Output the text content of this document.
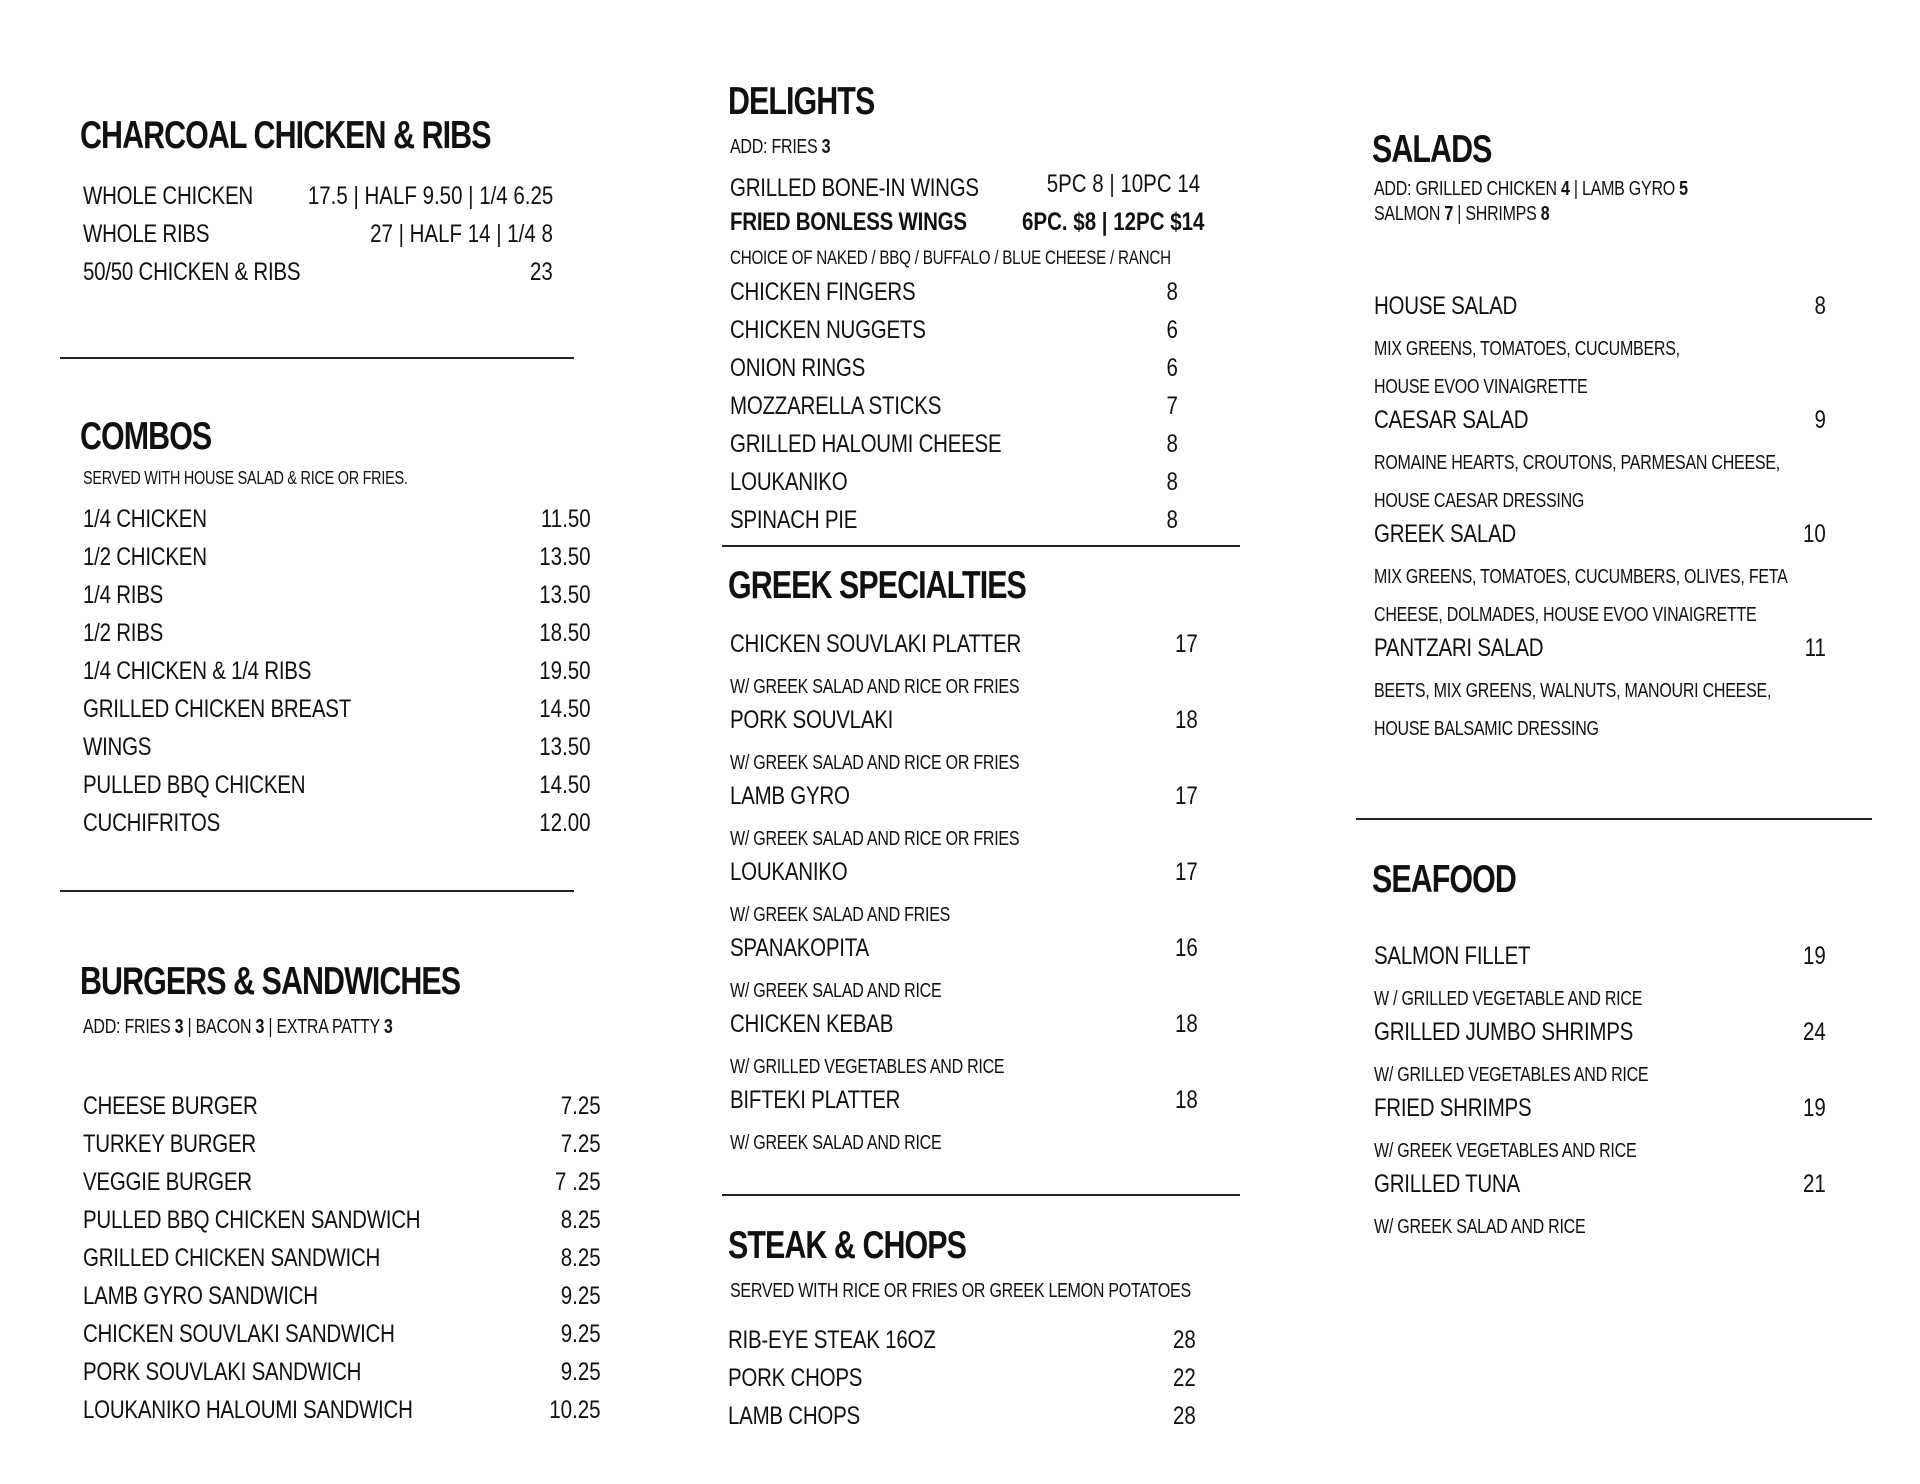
CHARCOAL CHICKEN & RIBS
WHOLE CHICKEN 17.5 | HALF 9.50 | 1/4 6.25
WHOLE RIBS	27 | HALF 14 | 1/4 8
50/50 CHICKEN & RIBS	23
COMBOS
SERVED WITH HOUSE SALAD & RICE OR FRIES.
1/4 CHICKEN	11.50
1/2 CHICKEN	13.50
1/4 RIBS	13.50
1/2 RIBS	18.50
1/4 CHICKEN & 1/4 RIBS	19.50
GRILLED CHICKEN BREAST	14.50
WINGS	13.50
PULLED BBQ CHICKEN	14.50
CUCHIFRITOS	12.00
BURGERS & SANDWICHES
ADD: FRIES 3 | BACON 3 | EXTRA PATTY 3
CHEESE BURGER	7.25
TURKEY BURGER	7.25
VEGGIE BURGER	7 .25
PULLED BBQ CHICKEN SANDWICH	8.25
GRILLED CHICKEN SANDWICH	8.25
LAMB GYRO SANDWICH	9.25
CHICKEN SOUVLAKI SANDWICH	9.25
PORK SOUVLAKI SANDWICH	9.25
LOUKANIKO HALOUMI SANDWICH	10.25
DELIGHTS
ADD: FRIES 3
GRILLED BONE-IN WINGS	5PC 8 | 10PC 14
FRIED BONLESS WINGS 6PC. $8 | 12PC $14
CHOICE OF NAKED / BBQ / BUFFALO / BLUE CHEESE / RANCH
CHICKEN FINGERS	8
CHICKEN NUGGETS	6
ONION RINGS	6
MOZZARELLA STICKS	7
GRILLED HALOUMI CHEESE	8
LOUKANIKO	8
SPINACH PIE	8
GREEK SPECIALTIES
CHICKEN SOUVLAKI PLATTER	17
W/ GREEK SALAD AND RICE OR FRIES
PORK SOUVLAKI	18
W/ GREEK SALAD AND RICE OR FRIES
LAMB GYRO	17
W/ GREEK SALAD AND RICE OR FRIES
LOUKANIKO	17
W/ GREEK SALAD AND FRIES
SPANAKOPITA	16
W/ GREEK SALAD AND RICE
CHICKEN KEBAB	18
W/ GRILLED VEGETABLES AND RICE
BIFTEKI PLATTER	18
W/ GREEK SALAD AND RICE
STEAK & CHOPS
SERVED WITH RICE OR FRIES OR GREEK LEMON POTATOES
RIB-EYE STEAK 16OZ	28
PORK CHOPS	22
LAMB CHOPS	28
SALADS
ADD: GRILLED CHICKEN 4 | LAMB GYRO 5
SALMON 7 | SHRIMPS 8
HOUSE SALAD	8
MIX GREENS, TOMATOES, CUCUMBERS,
HOUSE EVOO VINAIGRETTE
CAESAR SALAD	9
ROMAINE HEARTS, CROUTONS, PARMESAN CHEESE,
HOUSE CAESAR DRESSING
GREEK SALAD	10
MIX GREENS, TOMATOES, CUCUMBERS, OLIVES, FETA
CHEESE, DOLMADES, HOUSE EVOO VINAIGRETTE
PANTZARI SALAD	11
BEETS, MIX GREENS, WALNUTS, MANOURI CHEESE,
HOUSE BALSAMIC DRESSING
SEAFOOD
SALMON FILLET	19
W / GRILLED VEGETABLE AND RICE
GRILLED JUMBO SHRIMPS	24
W/ GRILLED VEGETABLES AND RICE
FRIED SHRIMPS	19
W/ GREEK VEGETABLES AND RICE
GRILLED TUNA	21
W/ GREEK SALAD AND RICE
